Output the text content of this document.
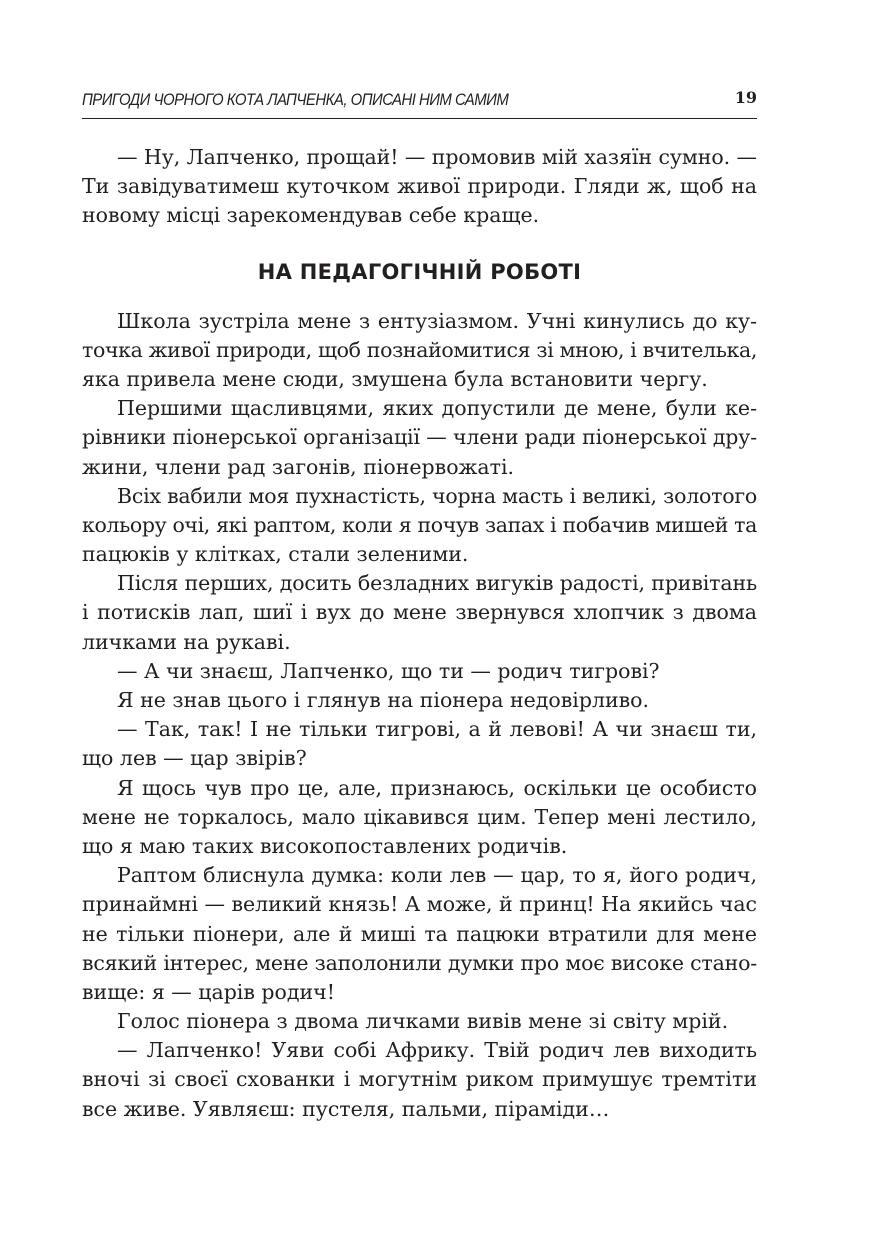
ПРИГОДИ ЧОРНОГО КОТА ЛАПЧЕНКА, ОПИСАНІ НИМ САМИМ	19
— Ну, Лапченко, прощай! — промовив мій хазяїн сумно. —
Ти завідуватимеш куточком живої природи. Гляди ж, щоб на
новому місці зарекомендував себе краще.
НА ПЕДАГОГІЧНІЙ РОБОТІ
Школа зустріла мене з ентузіазмом. Учні кинулись до ку-
точка живої природи, щоб познайомитися зі мною, і вчителька,
яка привела мене сюди, змушена була встановити чергу.
Першими щасливцями, яких допустили де мене, були ке-
рівники піонерської організації — члени ради піонерської дру-
жини, члени рад загонів, піонервожаті.
Всіх вабили моя пухнастість, чорна масть і великі, золотого
кольору очі, які раптом, коли я почув запах і побачив мишей та
пацюків у клітках, стали зеленими.
Після перших, досить безладних вигуків радості, привітань
і потисків лап, шиї і вух до мене звернувся хлопчик з двома
личками на рукаві.
— А чи знаєш, Лапченко, що ти — родич тигрові?
Я не знав цього і глянув на піонера недовірливо.
— Так, так! І не тільки тигрові, а й левові! А чи знаєш ти,
що лев — цар звірів?
Я щось чув про це, але, признаюсь, оскільки це особисто
мене не торкалось, мало цікавився цим. Тепер мені лестило,
що я маю таких високопоставлених родичів.
Раптом блиснула думка: коли лев — цар, то я, його родич,
принаймні — великий князь! А може, й принц! На якийсь час
не тільки піонери, але й миші та пацюки втратили для мене
всякий інтерес, мене заполонили думки про моє високе стано-
вище: я — царів родич!
Голос піонера з двома личками вивів мене зі світу мрій.
— Лапченко! Уяви собі Африку. Твій родич лев виходить
вночі зі своєї схованки і могутнім риком примушує тремтіти
все живе. Уявляєш: пустеля, пальми, піраміди…
